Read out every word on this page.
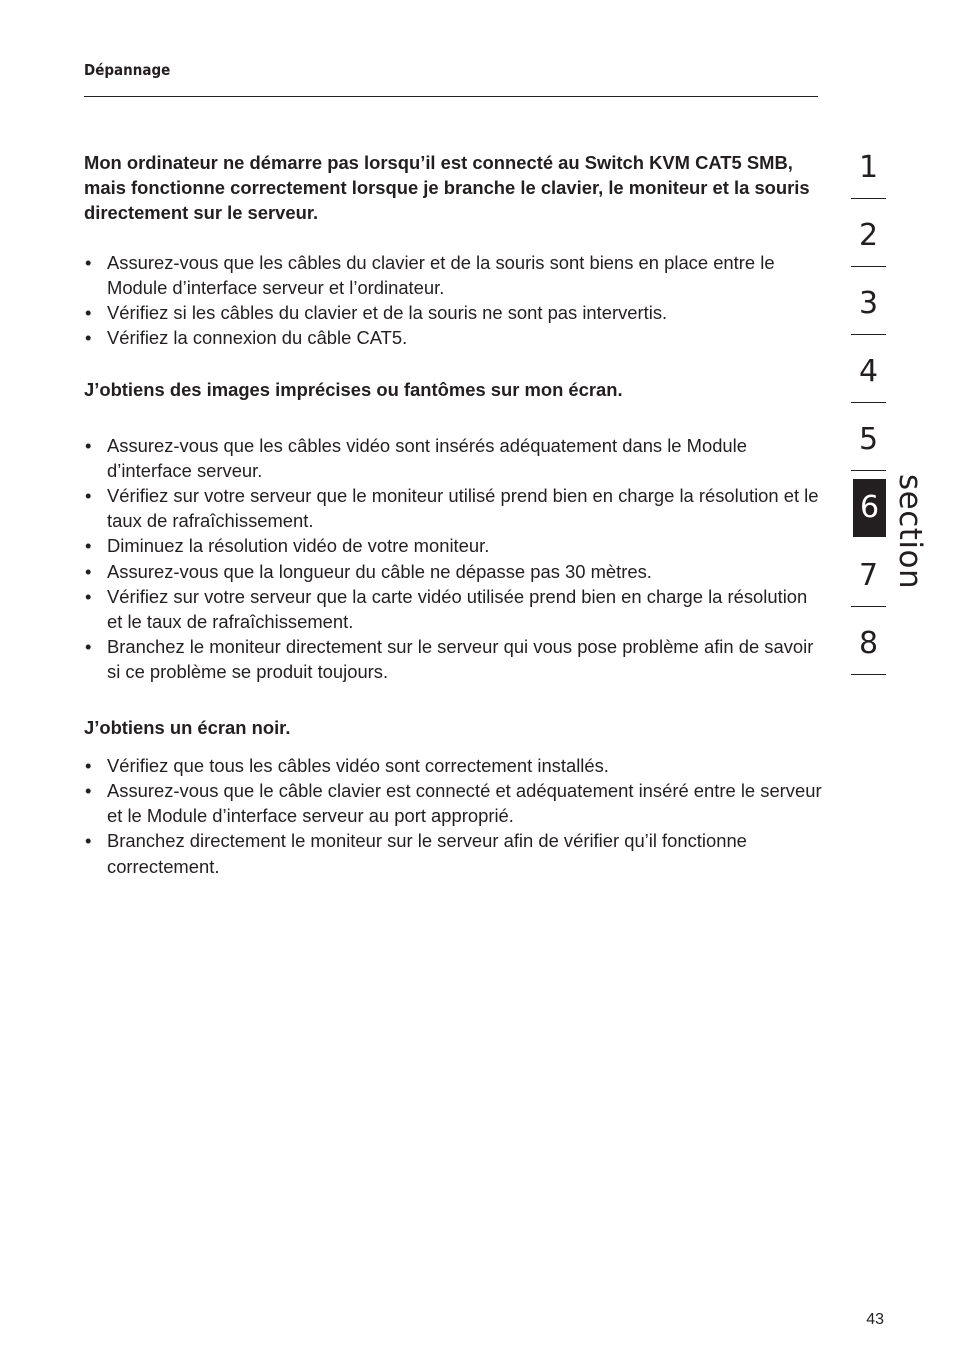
Dépannage

Mon ordinateur ne démarre pas lorsqu’il est connecté au Switch KVM CAT5 SMB, mais fonctionne correctement lorsque je branche le clavier, le moniteur et la souris directement sur le serveur.

• Assurez-vous que les câbles du clavier et de la souris sont biens en place entre le Module d’interface serveur et l’ordinateur.
• Vérifiez si les câbles du clavier et de la souris ne sont pas intervertis.
• Vérifiez la connexion du câble CAT5.

J’obtiens des images imprécises ou fantômes sur mon écran.

• Assurez-vous que les câbles vidéo sont insérés adéquatement dans le Module d’interface serveur.
• Vérifiez sur votre serveur que le moniteur utilisé prend bien en charge la résolution et le taux de rafraîchissement.
• Diminuez la résolution vidéo de votre moniteur.
• Assurez-vous que la longueur du câble ne dépasse pas 30 mètres.
• Vérifiez sur votre serveur que la carte vidéo utilisée prend bien en charge la résolution et le taux de rafraîchissement.
• Branchez le moniteur directement sur le serveur qui vous pose problème afin de savoir si ce problème se produit toujours.

J’obtiens un écran noir.

• Vérifiez que tous les câbles vidéo sont correctement installés.
• Assurez-vous que le câble clavier est connecté et adéquatement inséré entre le serveur et le Module d’interface serveur au port approprié.
• Branchez directement le moniteur sur le serveur afin de vérifier qu’il fonctionne correctement.
1
2
3
4
5
6
7
8
section
43
